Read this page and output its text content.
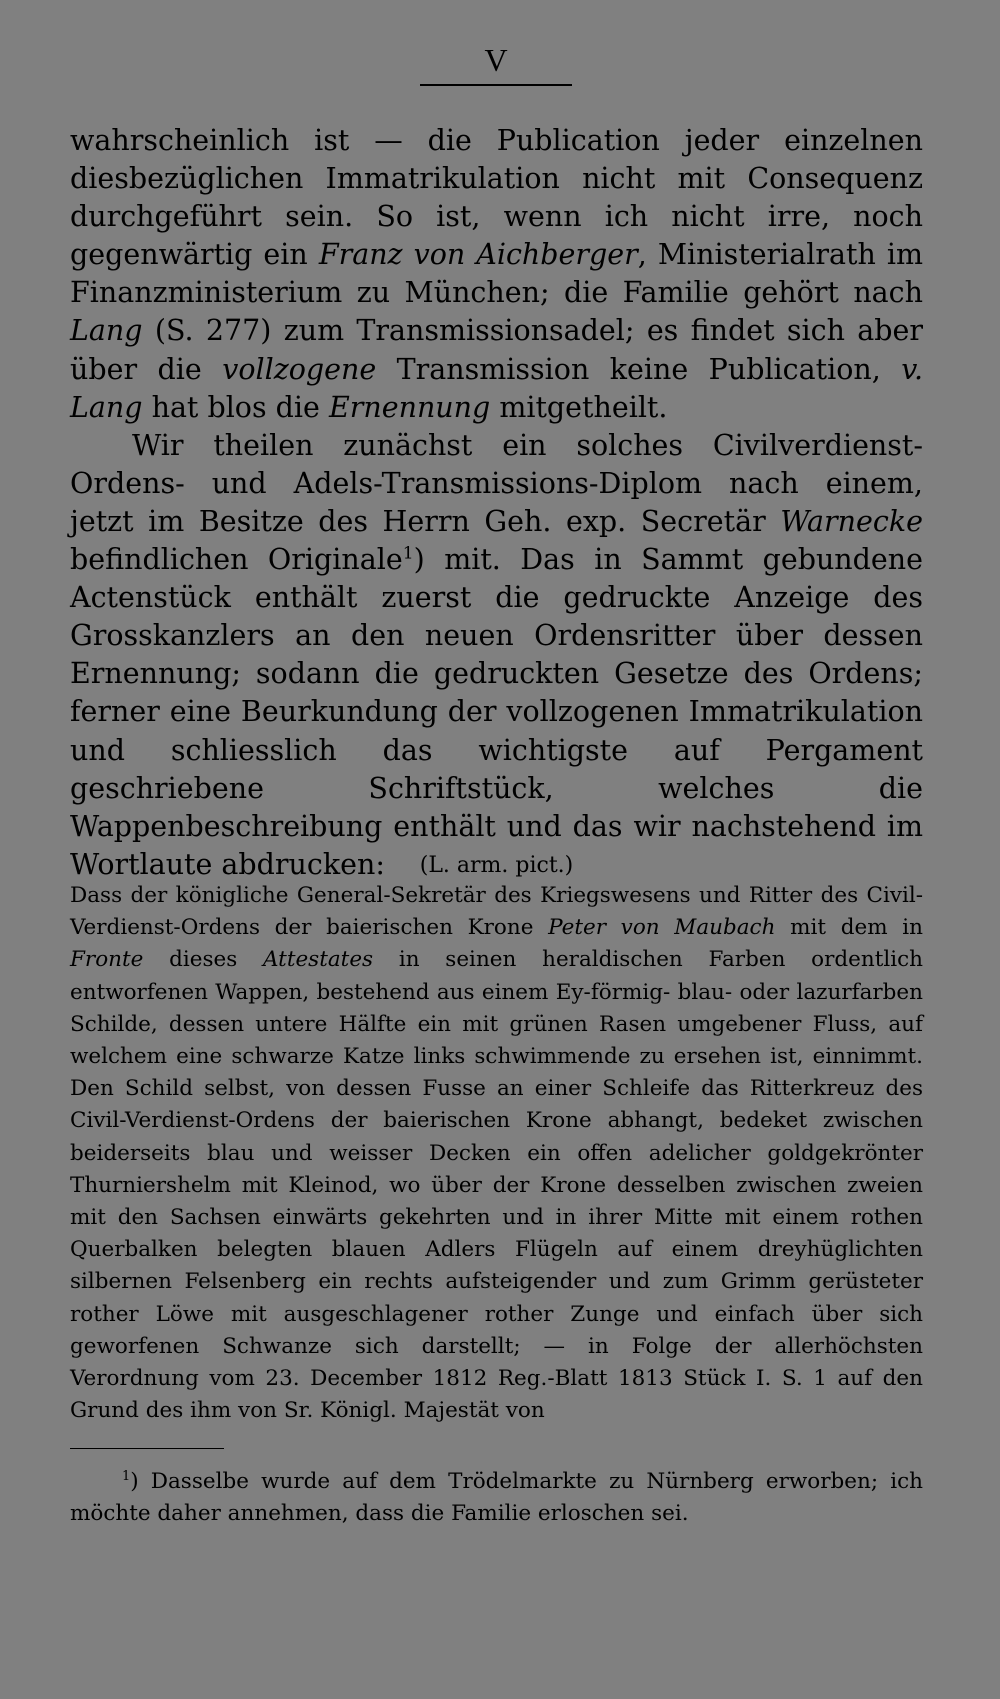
V

wahrscheinlich ist — die Publication jeder einzelnen diesbezüglichen Immatrikulation nicht mit Consequenz durchgeführt sein. So ist, wenn ich nicht irre, noch gegenwärtig ein Franz von Aichberger, Ministerialrath im Finanzministerium zu München; die Familie gehört nach Lang (S. 277) zum Transmissionsadel; es findet sich aber über die vollzogene Transmission keine Publication, v. Lang hat blos die Ernennung mitgetheilt.

Wir theilen zunächst ein solches Civilverdienst-Ordens- und Adels-Transmissions-Diplom nach einem, jetzt im Besitze des Herrn Geh. exp. Secretär Warnecke befindlichen Originale$^1$) mit. Das in Sammt gebundene Actenstück enthält zuerst die gedruckte Anzeige des Grosskanzlers an den neuen Ordensritter über dessen Ernennung; sodann die gedruckten Gesetze des Ordens; ferner eine Beurkundung der vollzogenen Immatrikulation und schliesslich das wichtigste auf Pergament geschriebene Schriftstück, welches die Wappenbeschreibung enthält und das wir nachstehend im Wortlaute abdrucken:	(L. arm. pict.)

Dass der königliche General-Sekretär des Kriegswesens und Ritter des Civil-Verdienst-Ordens der baierischen Krone Peter von Maubach mit dem in Fronte dieses Attestates in seinen heraldischen Farben ordentlich entworfenen Wappen, bestehend aus einem Ey-förmig- blau- oder lazurfarben Schilde, dessen untere Hälfte ein mit grünen Rasen umgebener Fluss, auf welchem eine schwarze Katze links schwimmende zu ersehen ist, einnimmt. Den Schild selbst, von dessen Fusse an einer Schleife das Ritterkreuz des Civil-Verdienst-Ordens der baierischen Krone abhangt, bedeket zwischen beiderseits blau und weisser Decken ein offen adelicher goldgekrönter Thurniershelm mit Kleinod, wo über der Krone desselben zwischen zweien mit den Sachsen einwärts gekehrten und in ihrer Mitte mit einem rothen Querbalken belegten blauen Adlers Flügeln auf einem dreyhüglichten silbernen Felsenberg ein rechts aufsteigender und zum Grimm gerüsteter rother Löwe mit ausgeschlagener rother Zunge und einfach über sich geworfenen Schwanze sich darstellt; — in Folge der allerhöchsten Verordnung vom 23. December 1812 Reg.-Blatt 1813 Stück I. S. 1 auf den Grund des ihm von Sr. Königl. Majestät von

$^1$) Dasselbe wurde auf dem Trödelmarkte zu Nürnberg erworben; ich möchte daher annehmen, dass die Familie erloschen sei.
